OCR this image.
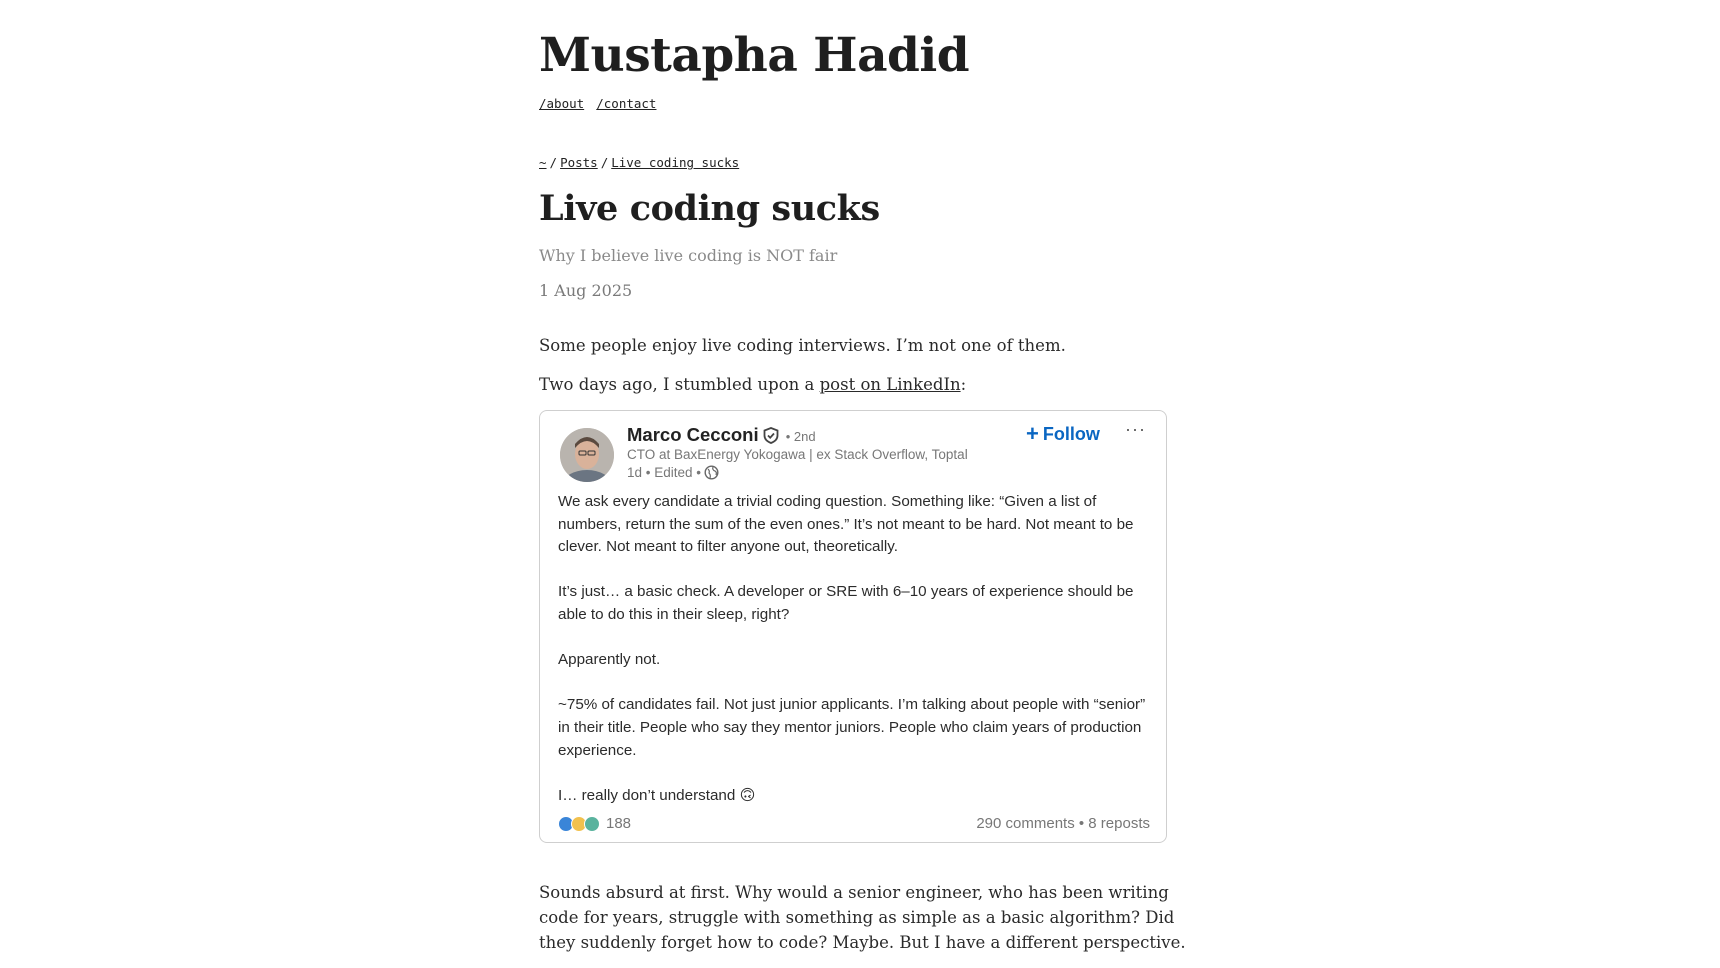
Mustapha Hadid
/about /contact
~ / Posts / Live coding sucks
Live coding sucks
Why I believe live coding is NOT fair
1 Aug 2025

Some people enjoy live coding interviews. I’m not one of them.

Two days ago, I stumbled upon a post on LinkedIn:

Marco Cecconi • 2nd
CTO at BaxEnergy Yokogawa | ex Stack Overflow, Toptal
1d • Edited •
+ Follow ···

We ask every candidate a trivial coding question. Something like: “Given a list of numbers, return the sum of the even ones.” It’s not meant to be hard. Not meant to be clever. Not meant to filter anyone out, theoretically.

It’s just… a basic check. A developer or SRE with 6–10 years of experience should be able to do this in their sleep, right?

Apparently not.

~75% of candidates fail. Not just junior applicants. I’m talking about people with “senior” in their title. People who say they mentor juniors. People who claim years of production experience.

I… really don’t understand 🙃

188	290 comments • 8 reposts

Sounds absurd at first. Why would a senior engineer, who has been writing code for years, struggle with something as simple as a basic algorithm? Did they suddenly forget how to code? Maybe. But I have a different perspective.
